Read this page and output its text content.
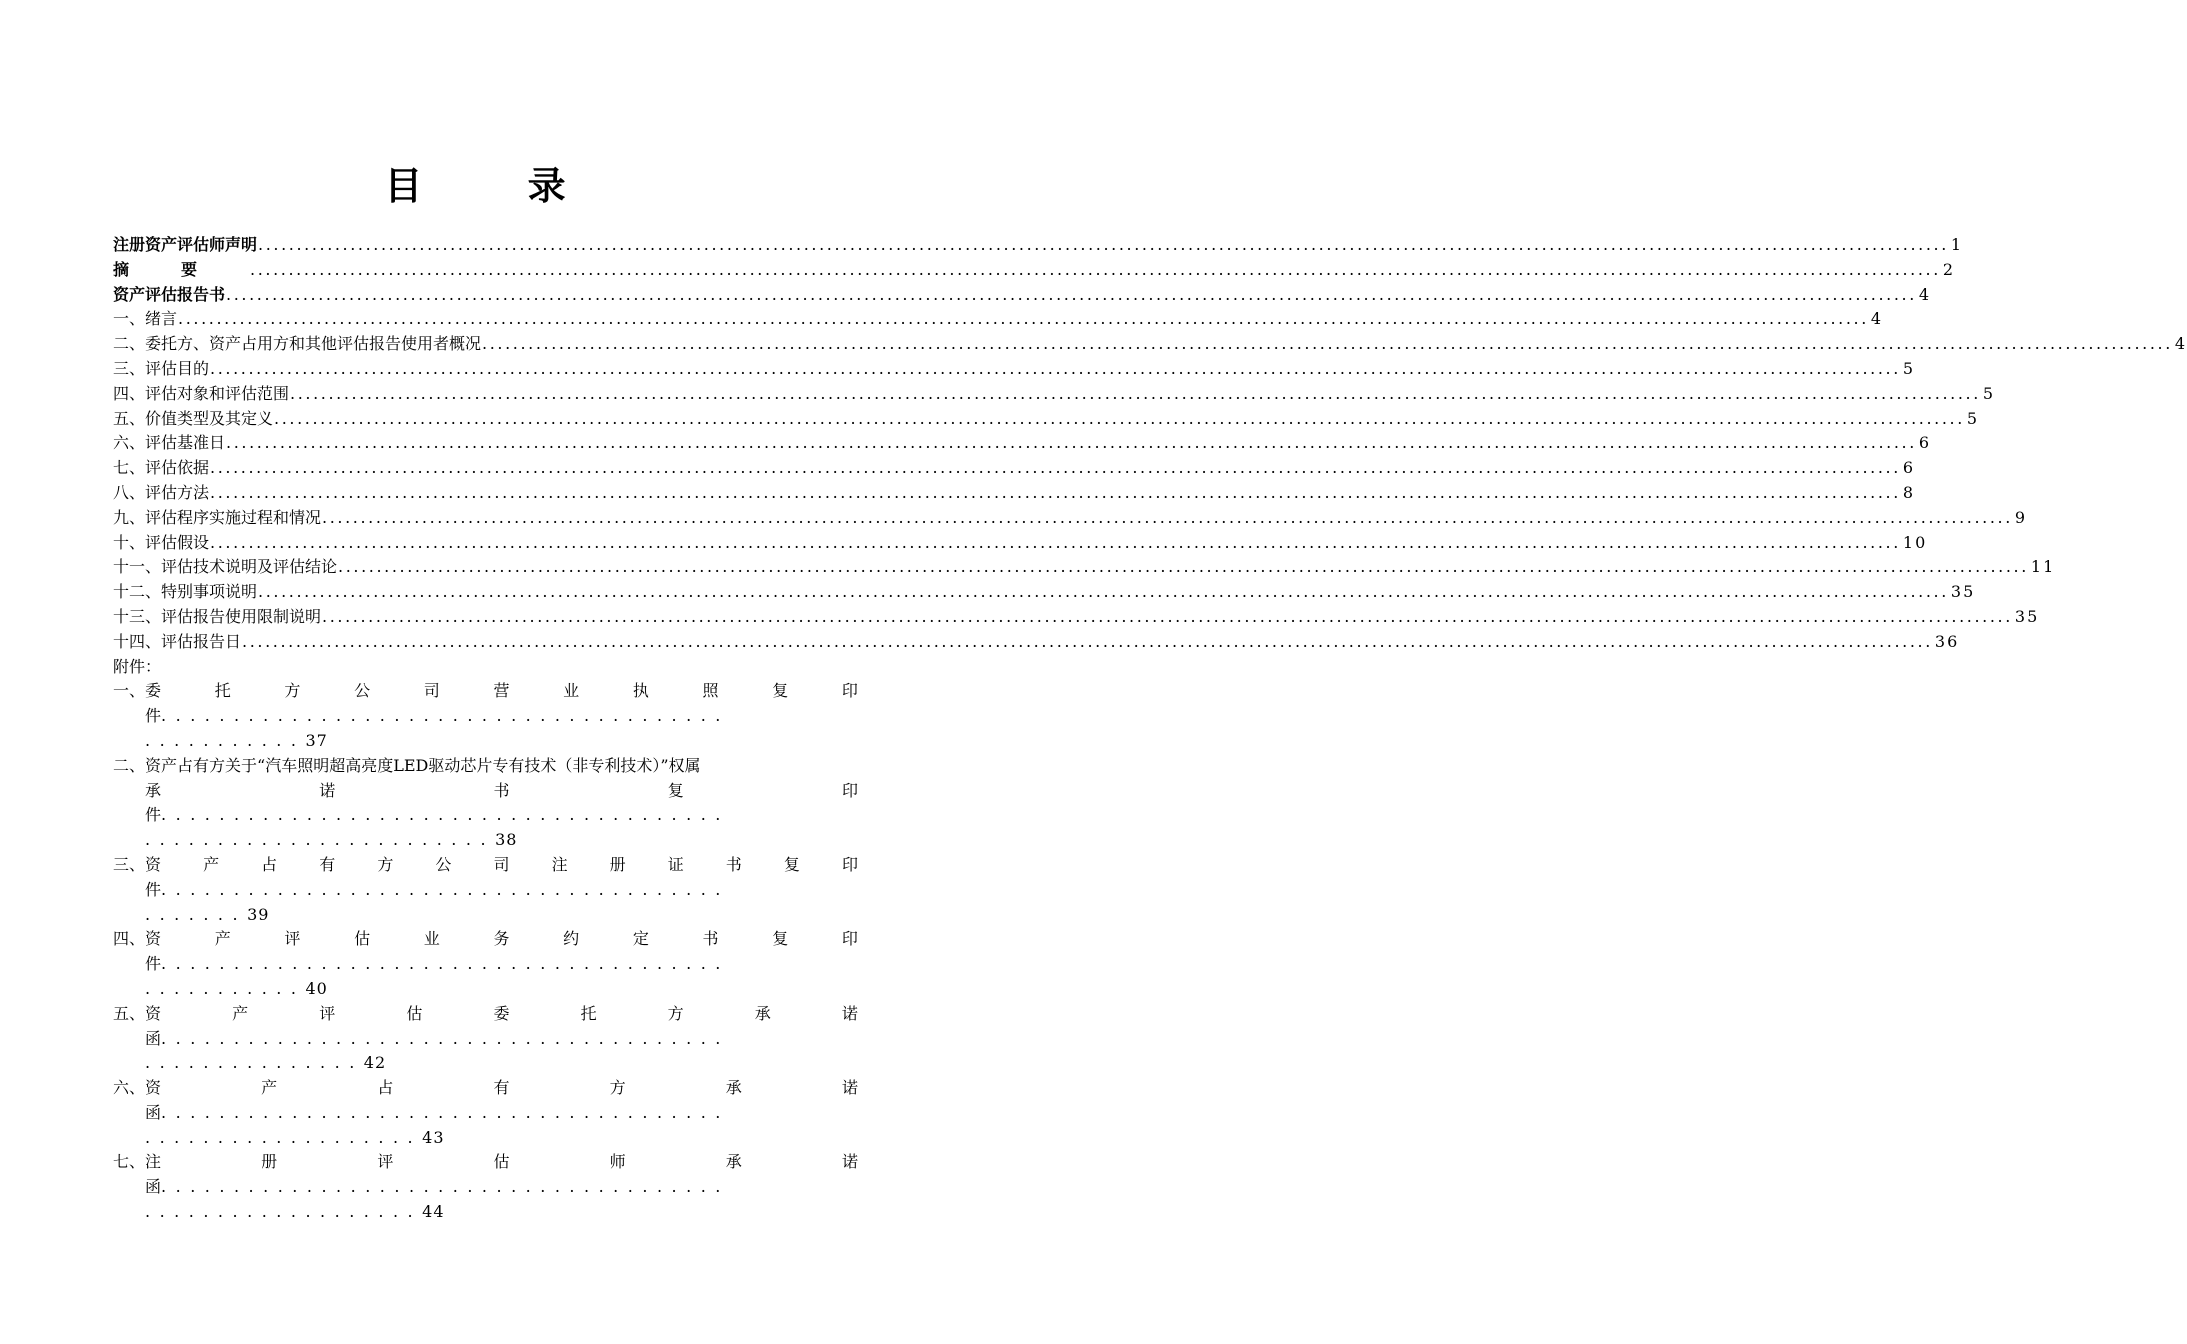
目 录
注册资产评估师声明 ............................................................................................................................................................................................................................ 1
摘要 ............................................................................................................................................................................................................................ 2
资产评估报告书 ............................................................................................................................................................................................................................ 4
一、绪言 ............................................................................................................................................................................................................................ 4
二、委托方、资产占用方和其他评估报告使用者概况 ............................................................................................................................................................................................................................ 4
三、评估目的 ............................................................................................................................................................................................................................ 5
四、评估对象和评估范围 ............................................................................................................................................................................................................................ 5
五、价值类型及其定义 ............................................................................................................................................................................................................................ 5
六、评估基准日 ............................................................................................................................................................................................................................ 6
七、评估依据 ............................................................................................................................................................................................................................ 6
八、评估方法 ............................................................................................................................................................................................................................ 8
九、评估程序实施过程和情况 ............................................................................................................................................................................................................................ 9
十、评估假设 ............................................................................................................................................................................................................................ 10
十一、评估技术说明及评估结论 ............................................................................................................................................................................................................................ 11
十二、特别事项说明 ............................................................................................................................................................................................................................ 35
十三、评估报告使用限制说明 ............................................................................................................................................................................................................................ 35
十四、评估报告日 ............................................................................................................................................................................................................................ 36
附件：
一、委	托	方	公	司	营	业	执	照	复	印
件.......................................
...........37
二、 资产占有方关于“汽车照明超高亮度LED驱动芯片专有技术（非专利技术）”权属
承	诺	书	复	印
件.......................................
........................38
三、资	产	占	有	方	公	司	注	册	证	书	复	印
件.......................................
.......39
四、资	产	评	估	业	务	约	定	书	复	印
件.......................................
...........40
五、资	产	评	估	委	托	方	承	诺
函.......................................
...............42
六、资	产	占	有	方	承	诺
函.......................................
...................43
七、注	册	评	估	师	承	诺
函.......................................
...................44
